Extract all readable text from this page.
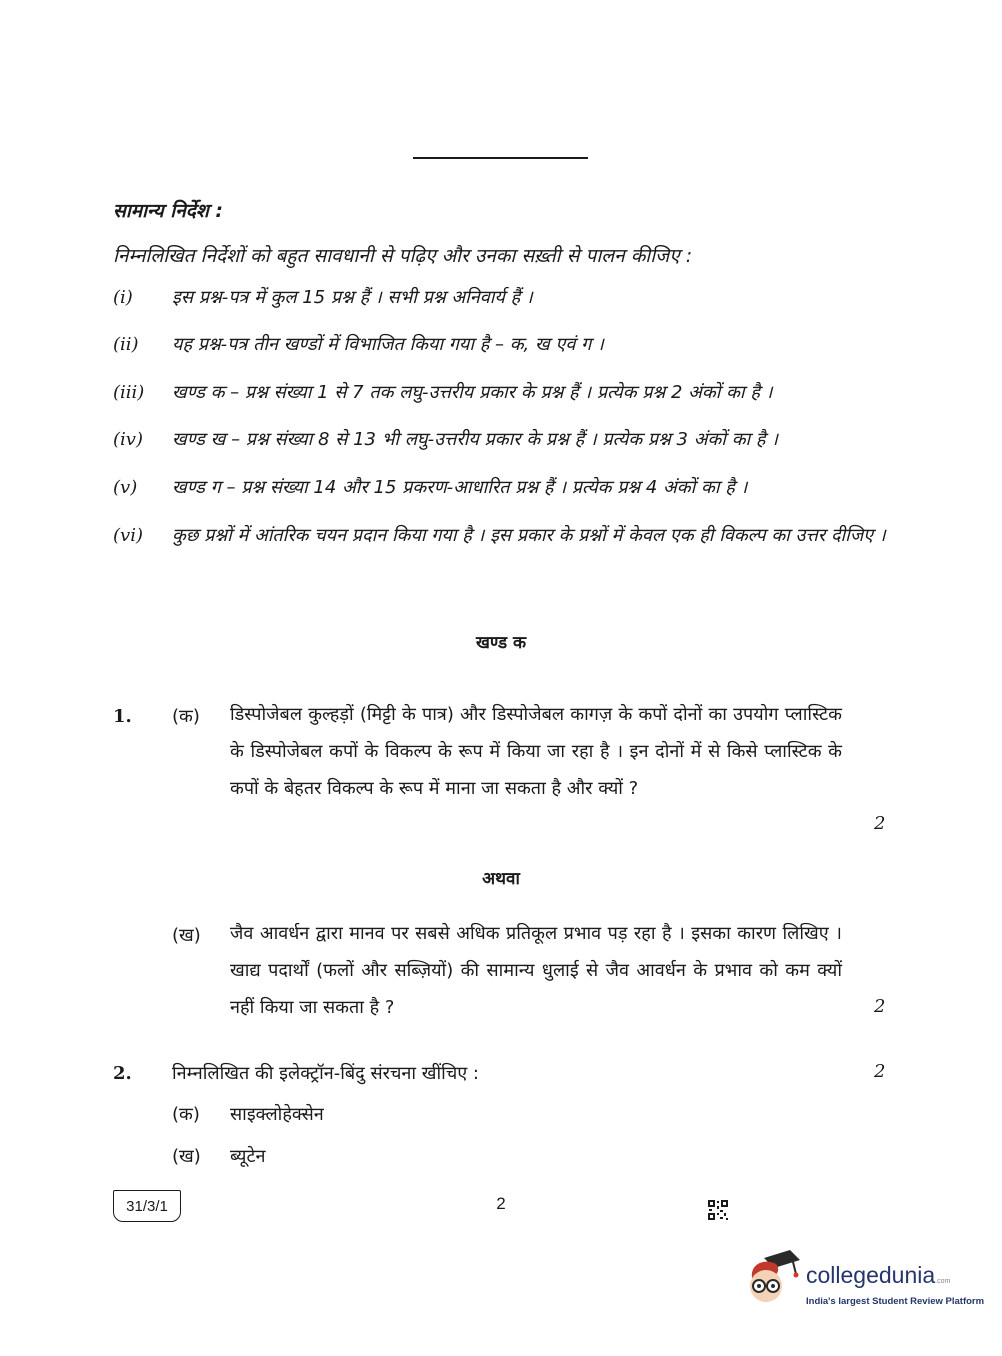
सामान्य निर्देश :
निम्नलिखित निर्देशों को बहुत सावधानी से पढ़िए और उनका सख़्ती से पालन कीजिए :
(i) इस प्रश्न-पत्र में कुल 15 प्रश्न हैं । सभी प्रश्न अनिवार्य हैं ।
(ii) यह प्रश्न-पत्र तीन खण्डों में विभाजित किया गया है – क, ख एवं ग ।
(iii) खण्ड क – प्रश्न संख्या 1 से 7 तक लघु-उत्तरीय प्रकार के प्रश्न हैं । प्रत्येक प्रश्न 2 अंकों का है ।
(iv) खण्ड ख – प्रश्न संख्या 8 से 13 भी लघु-उत्तरीय प्रकार के प्रश्न हैं । प्रत्येक प्रश्न 3 अंकों का है ।
(v) खण्ड ग – प्रश्न संख्या 14 और 15 प्रकरण-आधारित प्रश्न हैं । प्रत्येक प्रश्न 4 अंकों का है ।
(vi) कुछ प्रश्नों में आंतरिक चयन प्रदान किया गया है । इस प्रकार के प्रश्नों में केवल एक ही विकल्प का उत्तर दीजिए ।
खण्ड क
1. (क) डिस्पोजेबल कुल्हड़ों (मिट्टी के पात्र) और डिस्पोजेबल कागज़ के कपों दोनों का उपयोग प्लास्टिक के डिस्पोजेबल कपों के विकल्प के रूप में किया जा रहा है । इन दोनों में से किसे प्लास्टिक के कपों के बेहतर विकल्प के रूप में माना जा सकता है और क्यों ?
2
अथवा
(ख) जैव आवर्धन द्वारा मानव पर सबसे अधिक प्रतिकूल प्रभाव पड़ रहा है । इसका कारण लिखिए । खाद्य पदार्थों (फलों और सब्ज़ियों) की सामान्य धुलाई से जैव आवर्धन के प्रभाव को कम क्यों नहीं किया जा सकता है ?	2
2. निम्नलिखित की इलेक्ट्रॉन-बिंदु संरचना खींचिए :	2
(क) साइक्लोहेक्सेन
(ख) ब्यूटेन
31/3/1	2
collegedunia.com
India's largest Student Review Platform
